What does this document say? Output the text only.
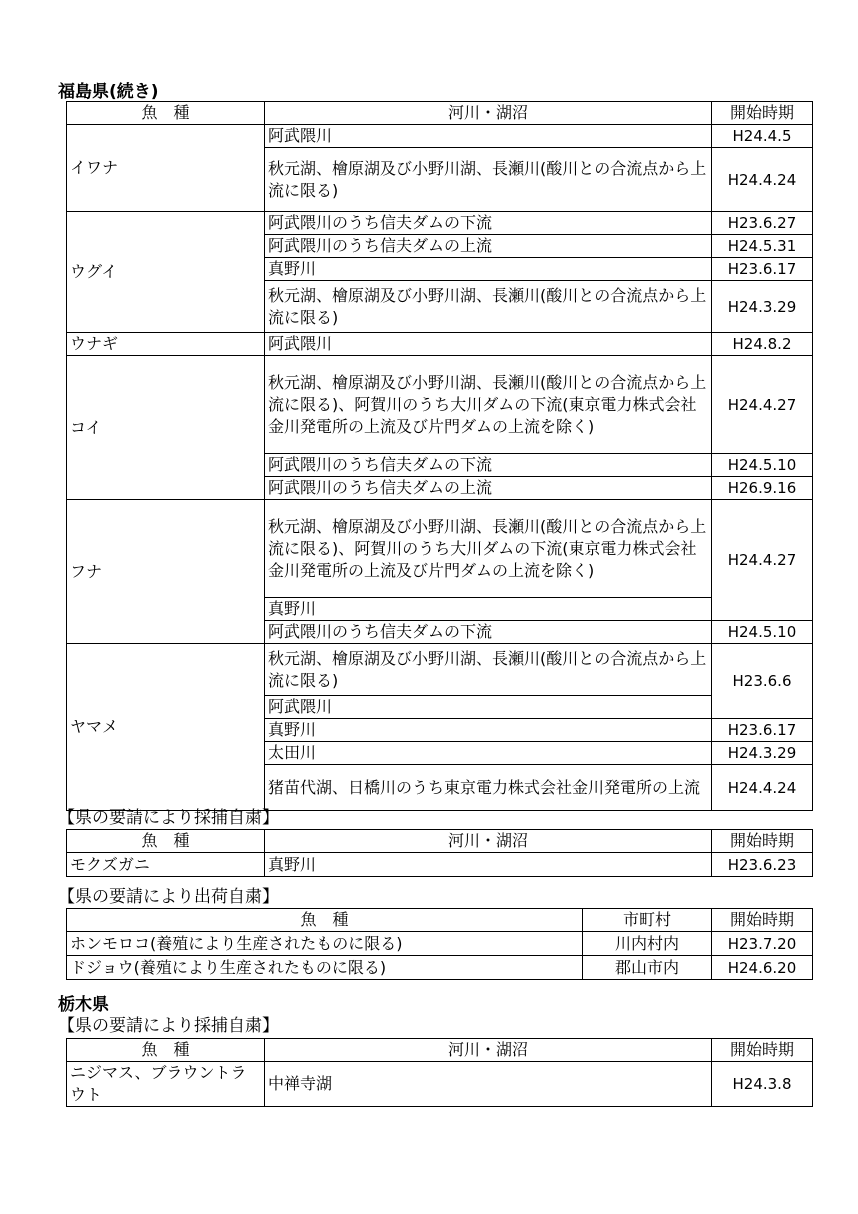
福島県(続き)
魚　種	河川・湖沼	開始時期
イワナ	阿武隈川	H24.4.5
	秋元湖、檜原湖及び小野川湖、長瀬川(酸川との合流点から上流に限る)	H24.4.24
ウグイ	阿武隈川のうち信夫ダムの下流	H23.6.27
	阿武隈川のうち信夫ダムの上流	H24.5.31
	真野川	H23.6.17
	秋元湖、檜原湖及び小野川湖、長瀬川(酸川との合流点から上流に限る)	H24.3.29
ウナギ	阿武隈川	H24.8.2
コイ	秋元湖、檜原湖及び小野川湖、長瀬川(酸川との合流点から上流に限る)、阿賀川のうち大川ダムの下流(東京電力株式会社金川発電所の上流及び片門ダムの上流を除く)	H24.4.27
	阿武隈川のうち信夫ダムの下流	H24.5.10
	阿武隈川のうち信夫ダムの上流	H26.9.16
フナ	秋元湖、檜原湖及び小野川湖、長瀬川(酸川との合流点から上流に限る)、阿賀川のうち大川ダムの下流(東京電力株式会社金川発電所の上流及び片門ダムの上流を除く)	H24.4.27
	真野川	
	阿武隈川のうち信夫ダムの下流	H24.5.10
ヤマメ	秋元湖、檜原湖及び小野川湖、長瀬川(酸川との合流点から上流に限る)	H23.6.6
	阿武隈川	
	真野川	H23.6.17
	太田川	H24.3.29
	猪苗代湖、日橋川のうち東京電力株式会社金川発電所の上流	H24.4.24
【県の要請により採捕自粛】
魚　種	河川・湖沼	開始時期
モクズガニ	真野川	H23.6.23
【県の要請により出荷自粛】
魚　種	市町村	開始時期
ホンモロコ(養殖により生産されたものに限る)	川内村内	H23.7.20
ドジョウ(養殖により生産されたものに限る)	郡山市内	H24.6.20
栃木県
【県の要請により採捕自粛】
魚　種	河川・湖沼	開始時期
ニジマス、ブラウントラウト	中禅寺湖	H24.3.8
